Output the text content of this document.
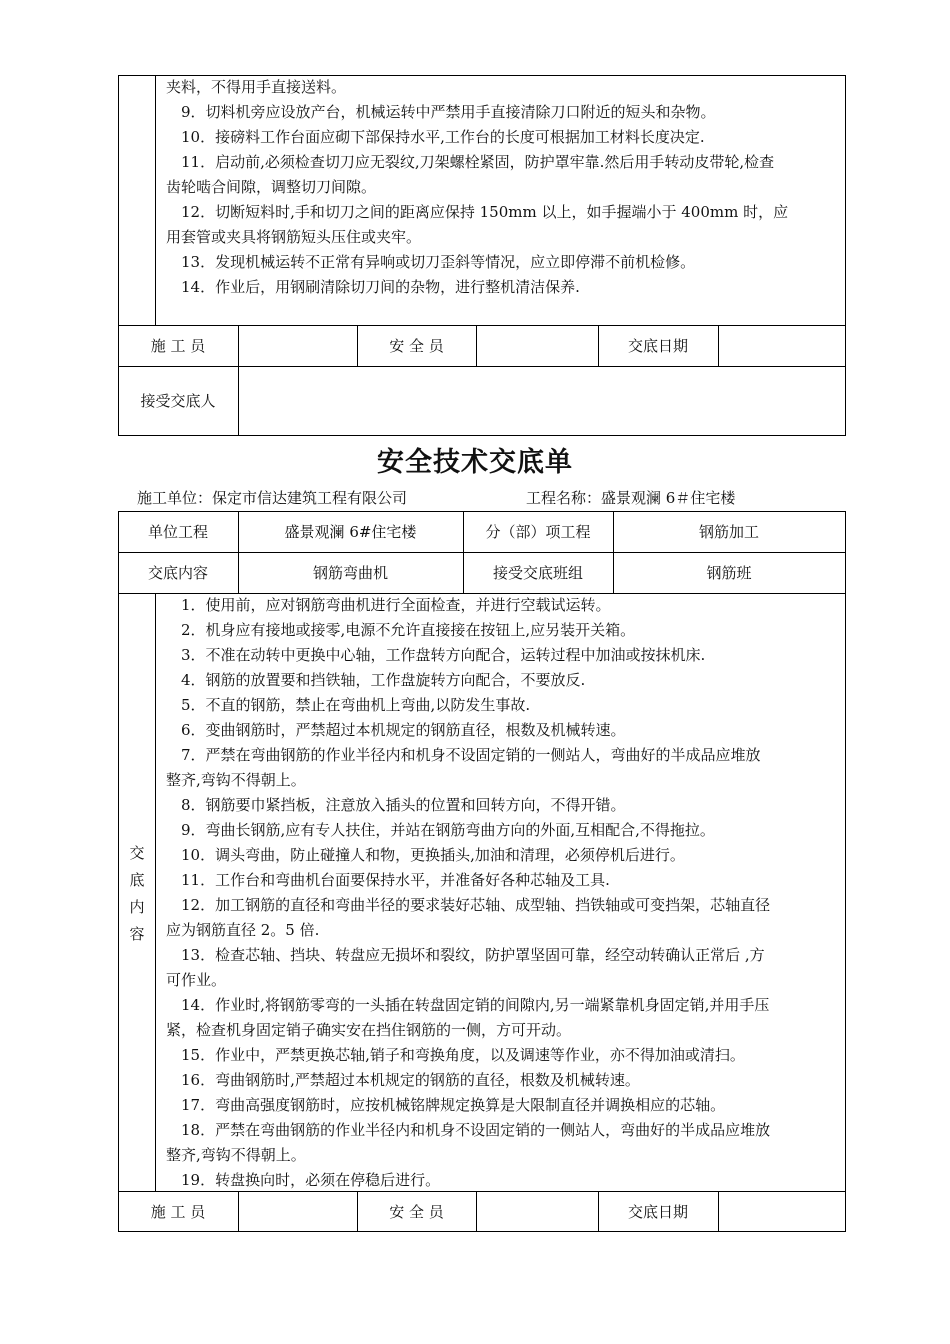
夹料，不得用手直接送料。

　9．切料机旁应设放产台，机械运转中严禁用手直接清除刀口附近的短头和杂物。

　10．接磅料工作台面应砌下部保持水平,工作台的长度可根据加工材料长度决定.

　11．启动前,必须检查切刀应无裂纹,刀架螺栓紧固，防护罩牢靠.然后用手转动皮带轮,检查

齿轮啮合间隙，调整切刀间隙。

　12．切断短料时,手和切刀之间的距离应保持 150mm 以上，如手握端小于 400mm 时，应

用套管或夹具将钢筋短头压住或夹牢。

　13．发现机械运转不正常有异响或切刀歪斜等情况，应立即停滞不前机检修。

　14．作业后，用钢刷清除切刀间的杂物，进行整机清洁保养.

施 工 员	安 全 员	交底日期
接受交底人
安全技术交底单
施工单位：保定市信达建筑工程有限公司	工程名称：盛景观澜 6＃住宅楼
单位工程	盛景观澜 6#住宅楼	分（部）项工程	钢筋加工
交底内容	钢筋弯曲机	接受交底班组	钢筋班
交
底
内
容

　1．使用前，应对钢筋弯曲机进行全面检查，并进行空载试运转。

　2．机身应有接地或接零,电源不允许直接接在按钮上,应另装开关箱。

　3．不准在动转中更换中心轴，工作盘转方向配合，运转过程中加油或按抹机床.

　4．钢筋的放置要和挡铁轴，工作盘旋转方向配合，不要放反.

　5．不直的钢筋，禁止在弯曲机上弯曲,以防发生事故.

　6．变曲钢筋时，严禁超过本机规定的钢筋直径，根数及机械转速。

　7．严禁在弯曲钢筋的作业半径内和机身不设固定销的一侧站人，弯曲好的半成品应堆放

整齐,弯钩不得朝上。

　8．钢筋要巾紧挡板，注意放入插头的位置和回转方向，不得开错。

　9．弯曲长钢筋,应有专人扶住，并站在钢筋弯曲方向的外面,互相配合,不得拖拉。

　10．调头弯曲，防止碰撞人和物，更换插头,加油和清理，必须停机后进行。

　11．工作台和弯曲机台面要保持水平，并准备好各种芯轴及工具.

　12．加工钢筋的直径和弯曲半径的要求装好芯轴、成型轴、挡铁轴或可变挡架，芯轴直径

应为钢筋直径 2。5 倍.

　13．检查芯轴、挡块、转盘应无损坏和裂纹，防护罩坚固可靠，经空动转确认正常后 ,方

可作业。

　14．作业时,将钢筋零弯的一头插在转盘固定销的间隙内,另一端紧靠机身固定销,并用手压

紧，检查机身固定销子确实安在挡住钢筋的一侧，方可开动。

　15．作业中，严禁更换芯轴,销子和弯换角度，以及调速等作业，亦不得加油或清扫。

　16．弯曲钢筋时,严禁超过本机规定的钢筋的直径，根数及机械转速。

　17．弯曲高强度钢筋时，应按机械铭牌规定换算是大限制直径并调换相应的芯轴。

　18．严禁在弯曲钢筋的作业半径内和机身不设固定销的一侧站人，弯曲好的半成品应堆放

整齐,弯钩不得朝上。

　19．转盘换向时，必须在停稳后进行。

施 工 员	安 全 员	交底日期
